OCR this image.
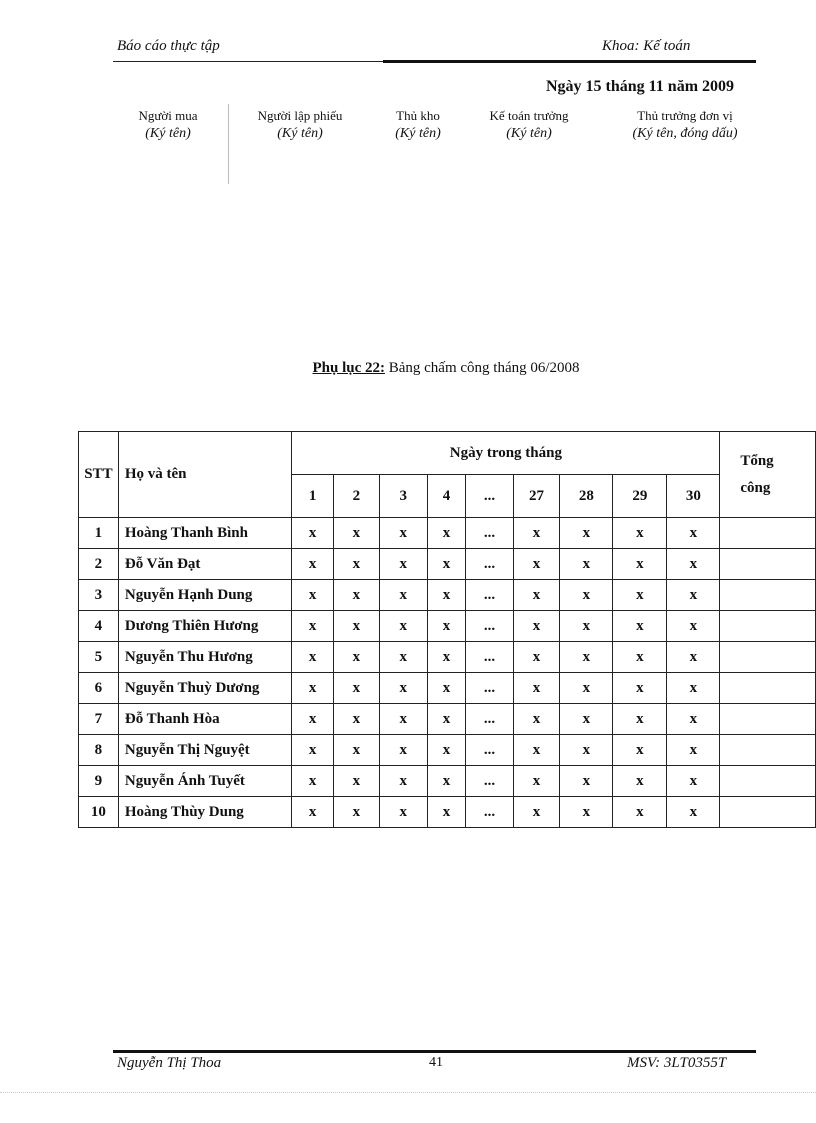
Báo cáo thực tập	Khoa: Kế toán
Ngày 15 tháng 11 năm 2009
Người mua
(Ký tên)
Người lập phiếu
(Ký tên)
Thủ kho
(Ký tên)
Kế toán trưởng
(Ký tên)
Thủ trưởng đơn vị
(Ký tên, đóng dấu)
Phụ lục 22: Bảng chấm công tháng 06/2008
STT	Họ và tên	Ngày trong tháng									Tổng
công

		1	2	3	4	...	27	28	29	30	
1	Hoàng Thanh Bình	x	x	x	x	...	x	x	x	x	
2	Đỗ Văn Đạt	x	x	x	x	...	x	x	x	x	
3	Nguyễn Hạnh Dung	x	x	x	x	...	x	x	x	x	
4	Dương Thiên Hương	x	x	x	x	...	x	x	x	x	
5	Nguyễn Thu Hương	x	x	x	x	...	x	x	x	x	
6	Nguyễn Thuỳ Dương	x	x	x	x	...	x	x	x	x	
7	Đỗ Thanh Hòa	x	x	x	x	...	x	x	x	x	
8	Nguyễn Thị Nguyệt	x	x	x	x	...	x	x	x	x	
9	Nguyễn Ánh Tuyết	x	x	x	x	...	x	x	x	x	
10	Hoàng Thùy Dung	x	x	x	x	...	x	x	x	x	
Nguyễn Thị Thoa	41	MSV: 3LT0355T
